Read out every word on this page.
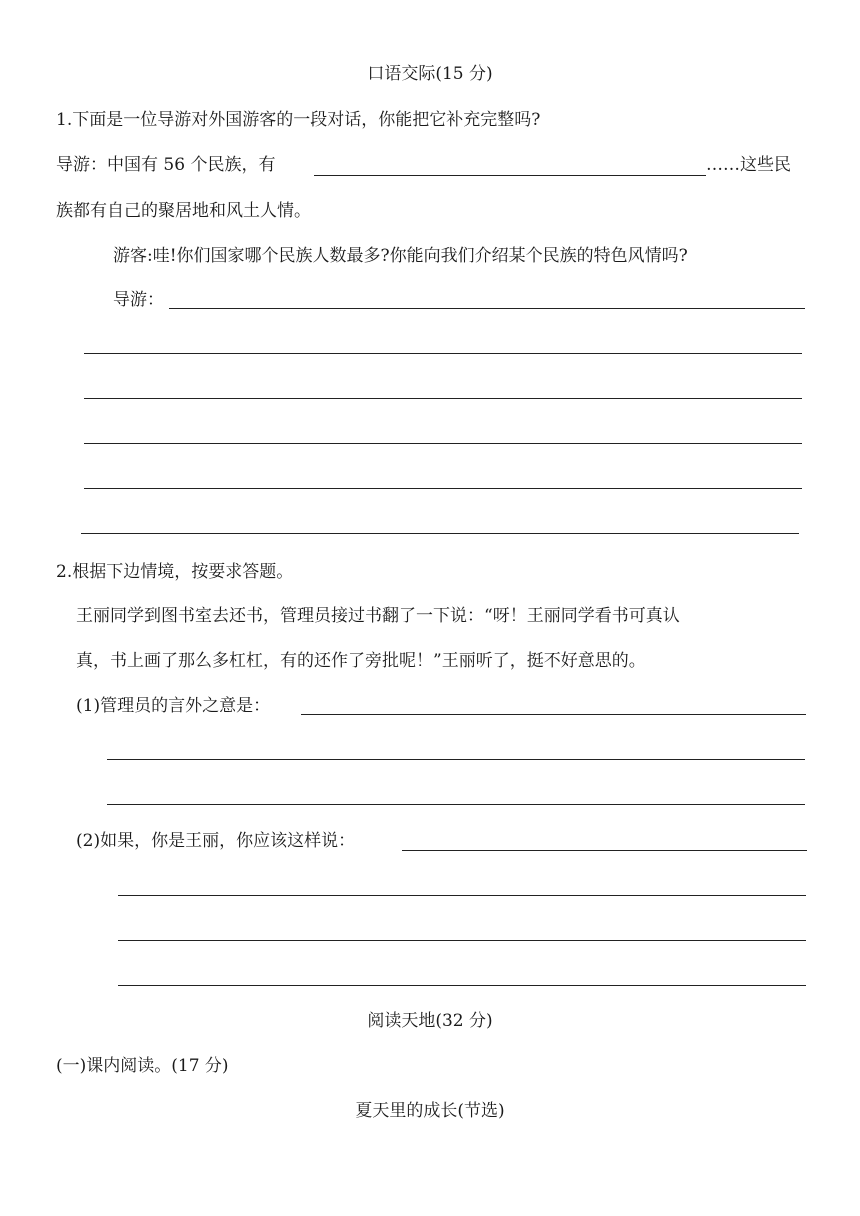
口语交际(15 分)
1.下面是一位导游对外国游客的一段对话，你能把它补充完整吗?
导游：中国有 56 个民族，有	……这些民
族都有自己的聚居地和风土人情。
游客:哇!你们国家哪个民族人数最多?你能向我们介绍某个民族的特色风情吗?
导游：
2.根据下边情境，按要求答题。
王丽同学到图书室去还书，管理员接过书翻了一下说：“呀！王丽同学看书可真认
真，书上画了那么多杠杠，有的还作了旁批呢！”王丽听了，挺不好意思的。
(1)管理员的言外之意是：
(2)如果，你是王丽，你应该这样说：
阅读天地(32 分)
(一)课内阅读。(17 分)
夏天里的成长(节选)
